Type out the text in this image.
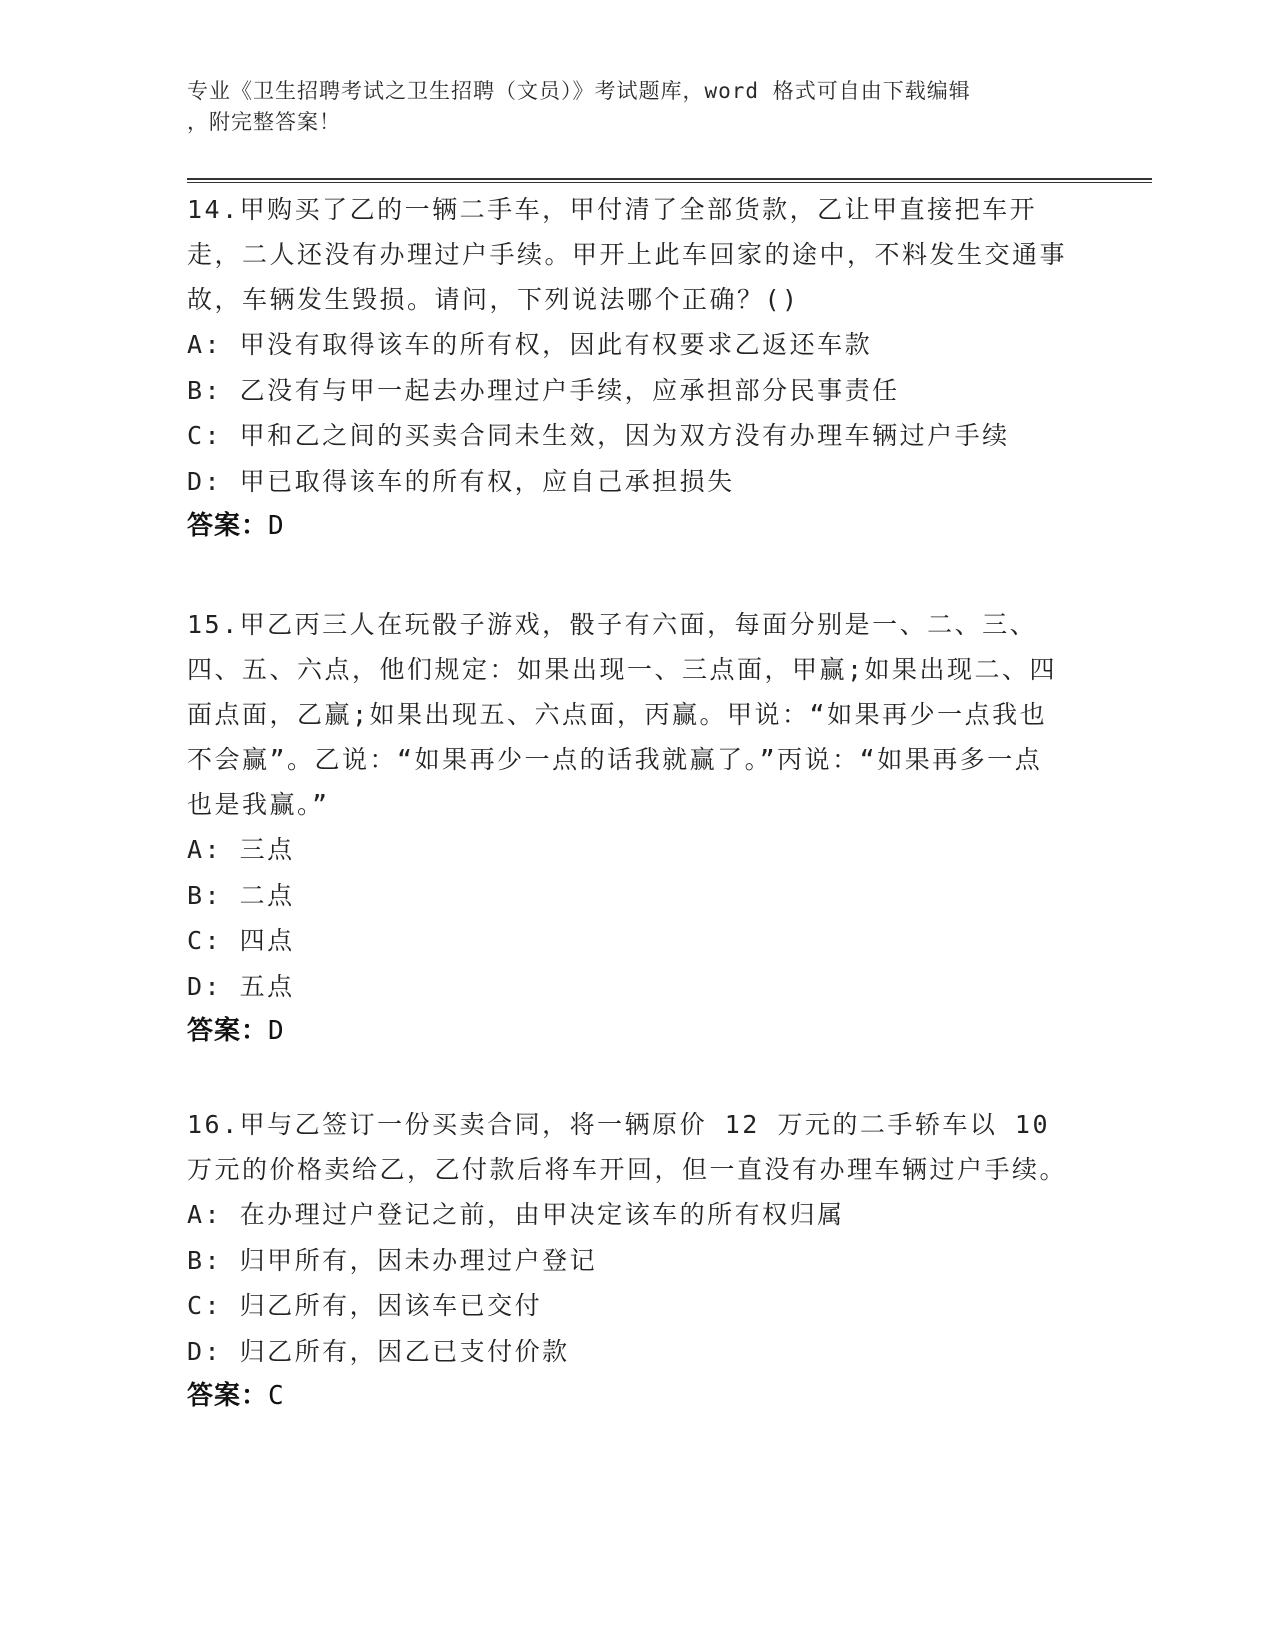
专业《卫生招聘考试之卫生招聘（文员）》考试题库，word 格式可自由下载编辑
，附完整答案！

14.甲购买了乙的一辆二手车，甲付清了全部货款，乙让甲直接把车开走，二人还没有办理过户手续。甲开上此车回家的途中，不料发生交通事故，车辆发生毁损。请问，下列说法哪个正确？()

A: 甲没有取得该车的所有权，因此有权要求乙返还车款
B: 乙没有与甲一起去办理过户手续，应承担部分民事责任
C: 甲和乙之间的买卖合同未生效，因为双方没有办理车辆过户手续
D: 甲已取得该车的所有权，应自己承担损失
答案：D

15.甲乙丙三人在玩骰子游戏，骰子有六面，每面分别是一、二、三、四、五、六点，他们规定：如果出现一、三点面，甲赢;如果出现二、四面点面，乙赢;如果出现五、六点面，丙赢。甲说：“如果再少一点我也不会赢”。乙说：“如果再少一点的话我就赢了。”丙说：“如果再多一点也是我赢。”

A: 三点
B: 二点
C: 四点
D: 五点
答案：D

16.甲与乙签订一份买卖合同，将一辆原价 12 万元的二手轿车以 10 万元的价格卖给乙，乙付款后将车开回，但一直没有办理车辆过户手续。

A: 在办理过户登记之前，由甲决定该车的所有权归属
B: 归甲所有，因未办理过户登记
C: 归乙所有，因该车已交付
D: 归乙所有，因乙已支付价款
答案：C
